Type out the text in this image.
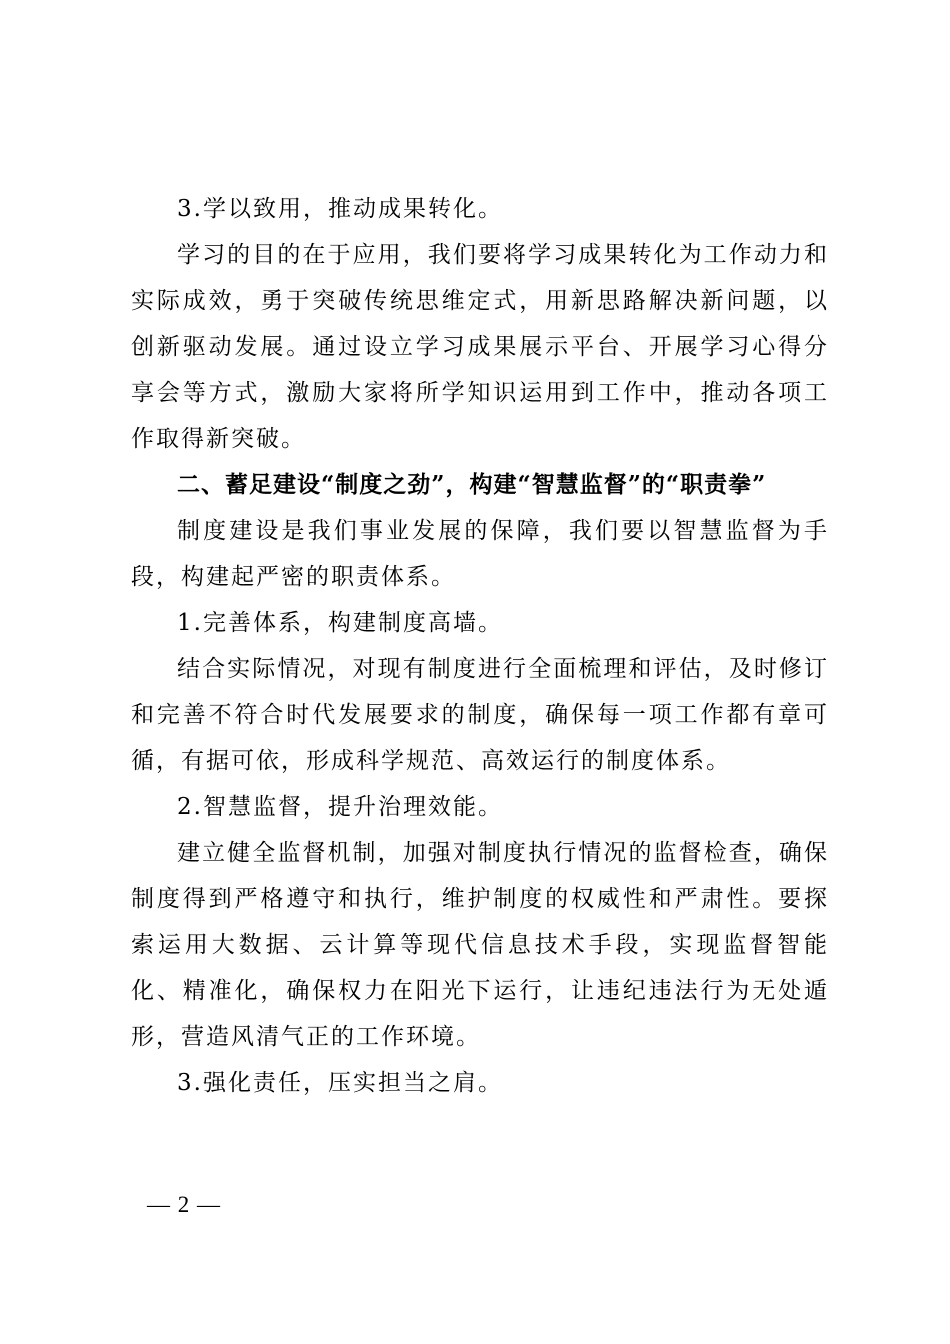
3.学以致用，推动成果转化。

学习的目的在于应用，我们要将学习成果转化为工作动力和实际成效，勇于突破传统思维定式，用新思路解决新问题，以创新驱动发展。通过设立学习成果展示平台、开展学习心得分享会等方式，激励大家将所学知识运用到工作中，推动各项工作取得新突破。

二、蓄足建设“制度之劲”，构建“智慧监督”的“职责拳”

制度建设是我们事业发展的保障，我们要以智慧监督为手段，构建起严密的职责体系。

1.完善体系，构建制度高墙。

结合实际情况，对现有制度进行全面梳理和评估，及时修订和完善不符合时代发展要求的制度，确保每一项工作都有章可循，有据可依，形成科学规范、高效运行的制度体系。

2.智慧监督，提升治理效能。

建立健全监督机制，加强对制度执行情况的监督检查，确保制度得到严格遵守和执行，维护制度的权威性和严肃性。要探索运用大数据、云计算等现代信息技术手段，实现监督智能化、精准化，确保权力在阳光下运行，让违纪违法行为无处遁形，营造风清气正的工作环境。

3.强化责任，压实担当之肩。

— 2 —
